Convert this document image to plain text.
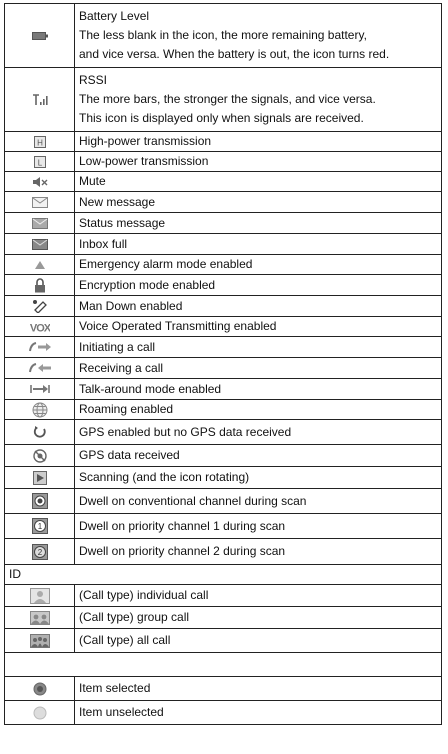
Battery Level
The less blank in the icon, the more remaining battery,
and vice versa. When the battery is out, the icon turns red.

RSSI
The more bars, the stronger the signals, and vice versa.
This icon is displayed only when signals are received.

H	High-power transmission

L	Low-power transmission

Mute

New message

Status message

Inbox full

Emergency alarm mode enabled

Encryption mode enabled

Man Down enabled

VOX	Voice Operated Transmitting enabled

Initiating a call

Receiving a call

Talk-around mode enabled

Roaming enabled

GPS enabled but no GPS data received

GPS data received

Scanning (and the icon rotating)

Dwell on conventional channel during scan

1	Dwell on priority channel 1 during scan

2	Dwell on priority channel 2 during scan

ID	

(Call type) individual call

(Call type) group call

(Call type) all call

Item selected

Item unselected
